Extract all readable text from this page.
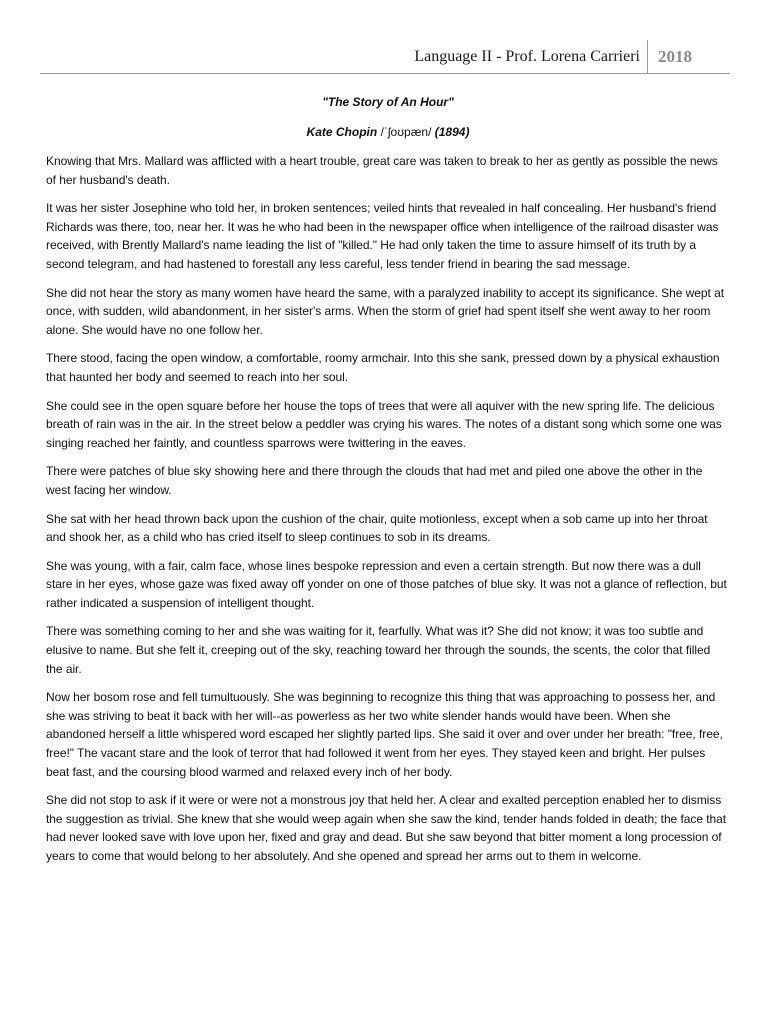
Language II - Prof. Lorena Carrieri 2018

"The Story of An Hour"

Kate Chopin /ˈʃoʊpæn/ (1894)

Knowing that Mrs. Mallard was afflicted with a heart trouble, great care was taken to break to her as gently as possible the news of her husband's death.

It was her sister Josephine who told her, in broken sentences; veiled hints that revealed in half concealing. Her husband's friend Richards was there, too, near her. It was he who had been in the newspaper office when intelligence of the railroad disaster was received, with Brently Mallard's name leading the list of "killed." He had only taken the time to assure himself of its truth by a second telegram, and had hastened to forestall any less careful, less tender friend in bearing the sad message.

She did not hear the story as many women have heard the same, with a paralyzed inability to accept its significance. She wept at once, with sudden, wild abandonment, in her sister's arms. When the storm of grief had spent itself she went away to her room alone. She would have no one follow her.

There stood, facing the open window, a comfortable, roomy armchair. Into this she sank, pressed down by a physical exhaustion that haunted her body and seemed to reach into her soul.

She could see in the open square before her house the tops of trees that were all aquiver with the new spring life. The delicious breath of rain was in the air. In the street below a peddler was crying his wares. The notes of a distant song which some one was singing reached her faintly, and countless sparrows were twittering in the eaves.

There were patches of blue sky showing here and there through the clouds that had met and piled one above the other in the west facing her window.

She sat with her head thrown back upon the cushion of the chair, quite motionless, except when a sob came up into her throat and shook her, as a child who has cried itself to sleep continues to sob in its dreams.

She was young, with a fair, calm face, whose lines bespoke repression and even a certain strength. But now there was a dull stare in her eyes, whose gaze was fixed away off yonder on one of those patches of blue sky. It was not a glance of reflection, but rather indicated a suspension of intelligent thought.

There was something coming to her and she was waiting for it, fearfully. What was it? She did not know; it was too subtle and elusive to name. But she felt it, creeping out of the sky, reaching toward her through the sounds, the scents, the color that filled the air.

Now her bosom rose and fell tumultuously. She was beginning to recognize this thing that was approaching to possess her, and she was striving to beat it back with her will--as powerless as her two white slender hands would have been. When she abandoned herself a little whispered word escaped her slightly parted lips. She said it over and over under her breath: "free, free, free!" The vacant stare and the look of terror that had followed it went from her eyes. They stayed keen and bright. Her pulses beat fast, and the coursing blood warmed and relaxed every inch of her body.

She did not stop to ask if it were or were not a monstrous joy that held her. A clear and exalted perception enabled her to dismiss the suggestion as trivial. She knew that she would weep again when she saw the kind, tender hands folded in death; the face that had never looked save with love upon her, fixed and gray and dead. But she saw beyond that bitter moment a long procession of years to come that would belong to her absolutely. And she opened and spread her arms out to them in welcome.
